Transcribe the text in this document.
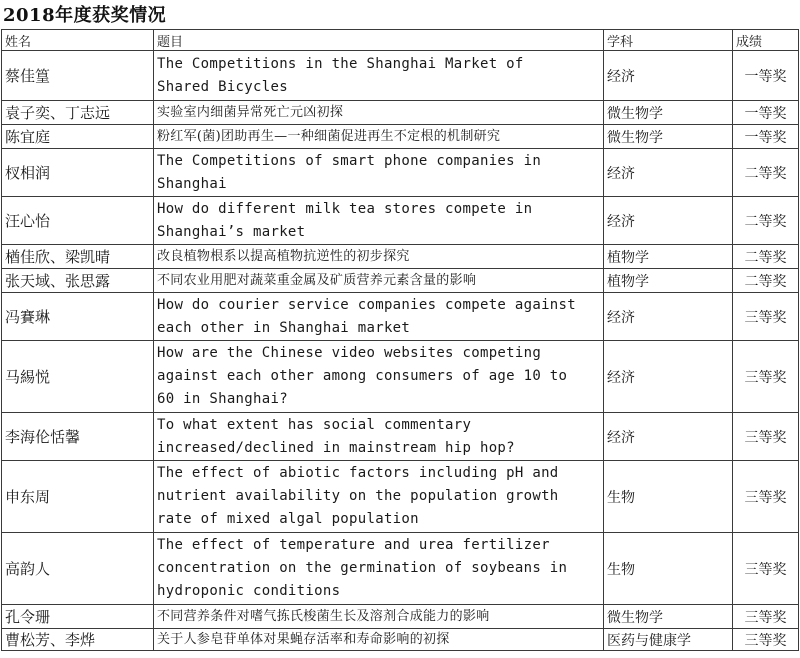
2018年度获奖情况
姓名	题目	学科	成绩
蔡佳篁	The Competitions in the Shanghai Market of
Shared Bicycles	经济	一等奖
袁子奕、丁志远	实验室内细菌异常死亡元凶初探	微生物学	一等奖
陈宜庭	粉红军(菌)团助再生—一种细菌促进再生不定根的机制研究	微生物学	一等奖
杈相润	The Competitions of smart phone companies in
Shanghai	经济	二等奖
汪心怡	How do different milk tea stores compete in
Shanghai’s market	经济	二等奖
楢佳欣、梁凯晴	改良植物根系以提高植物抗逆性的初步探究	植物学	二等奖
张天域、张思露	不同农业用肥对蔬菜重金属及矿质营养元素含量的影响	植物学	二等奖
冯賽琳	How do courier service companies compete against
each other in Shanghai market	经济	三等奖
马緆悦	How are the Chinese video websites competing
against each other among consumers of age 10 to
60 in Shanghai?	经济	三等奖
李海伦恬馨	To what extent has social commentary
increased/declined in mainstream hip hop?	经济	三等奖
申东周	The effect of abiotic factors including pH and
nutrient availability on the population growth
rate of mixed algal population	生物	三等奖
高韵人	The effect of temperature and urea fertilizer
concentration on the germination of soybeans in
hydroponic conditions	生物	三等奖
孔令珊	不同营养条件对嗜气拣氏梭菌生长及溶剂合成能力的影响	微生物学	三等奖
曹松芳、李烨	关于人参皂苷单体对果蝇存活率和寿命影响的初探	医药与健康学	三等奖
